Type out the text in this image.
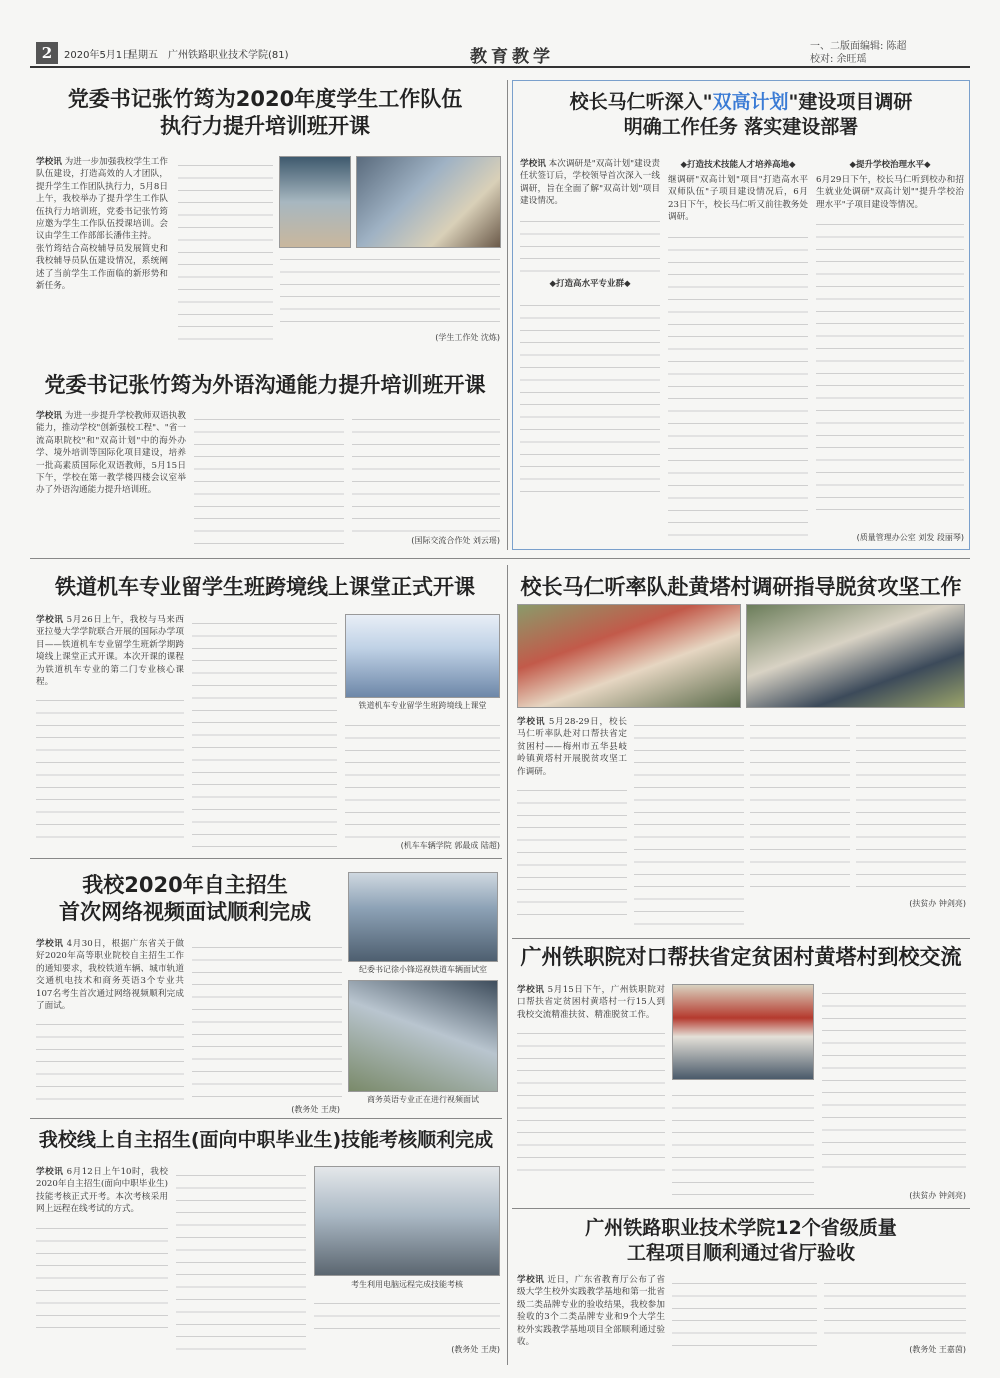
2	2020年5月1日
星期五 广州铁路职业技术学院(81)	教育教学
一、二版面编辑: 陈超
校对: 余旺瑶
党委书记张竹筠为2020年度学生工作队伍
执行力提升培训班开课
学校讯 为进一步加强我校学生工作队伍建设，打造高效的人才团队，提升学生工作团队执行力，5月8日上午，我校举办了提升学生工作队伍执行力培训班，党委书记张竹筠应邀为学生工作队伍授课培训。会议由学生工作部部长潘伟主持。
张竹筠结合高校辅导员发展简史和我校辅导员队伍建设情况，系统阐述了当前学生工作面临的新形势和新任务。
(学生工作处 沈炼)
党委书记张竹筠为外语沟通能力提升培训班开课
学校讯 为进一步提升学校教师双语执教能力，推动学校"创新强校工程"、"省一流高职院校"和"双高计划"中的海外办学、境外培训等国际化项目建设，培养一批高素质国际化双语教师，5月15日下午，学校在第一教学楼四楼会议室举办了外语沟通能力提升培训班。
(国际交流合作处 刘云瑶)
校长马仁听深入"双高计划"建设项目调研
明确工作任务 落实建设部署
学校讯 本次调研是"双高计划"建设责任状签订后，学校领导首次深入一线调研，旨在全面了解"双高计划"项目建设情况。
◆打造高水平专业群◆
◆打造技术技能人才培养高地◆
继调研"双高计划"项目"打造高水平双师队伍"子项目建设情况后，6月23日下午，校长马仁听又前往教务处调研。
◆提升学校治理水平◆
6月29日下午，校长马仁听到校办和招生就业处调研"双高计划""提升学校治理水平"子项目建设等情况。
(质量管理办公室 刘发 段丽琴)
铁道机车专业留学生班跨境线上课堂正式开课
学校讯 5月26日上午，我校与马来西亚拉曼大学学院联合开展的国际办学项目——铁道机车专业留学生班新学期跨境线上课堂正式开课。本次开课的课程为铁道机车专业的第二门专业核心课程。
铁道机车专业留学生班跨境线上课堂
(机车车辆学院 郭最成 陆超)
校长马仁听率队赴黄塔村调研指导脱贫攻坚工作
学校讯 5月28-29日，校长马仁听率队赴对口帮扶省定贫困村——梅州市五华县岐岭镇黄塔村开展脱贫攻坚工作调研。
(扶贫办 钟剑亮)
我校2020年自主招生
首次网络视频面试顺利完成
纪委书记徐小锋巡视铁道车辆面试室
学校讯 4月30日，根据广东省关于做好2020年高等职业院校自主招生工作的通知要求，我校铁道车辆、城市轨道交通机电技术和商务英语3个专业共107名考生首次通过网络视频顺利完成了面试。
商务英语专业正在进行视频面试
(教务处 王庚)
广州铁职院对口帮扶省定贫困村黄塔村到校交流
学校讯 5月15日下午，广州铁职院对口帮扶省定贫困村黄塔村一行15人到我校交流精准扶贫、精准脱贫工作。
(扶贫办 钟剑亮)
我校线上自主招生(面向中职毕业生)技能考核顺利完成
学校讯 6月12日上午10时，我校2020年自主招生(面向中职毕业生)技能考核正式开考。本次考核采用网上远程在线考试的方式。
考生利用电脑远程完成技能考核
(教务处 王庚)
广州铁路职业技术学院12个省级质量
工程项目顺利通过省厅验收
学校讯 近日，广东省教育厅公布了省级大学生校外实践教学基地和第一批省级二类品牌专业的验收结果，我校参加验收的3个二类品牌专业和9个大学生校外实践教学基地项目全部顺利通过验收。
(教务处 王嘉茵)
